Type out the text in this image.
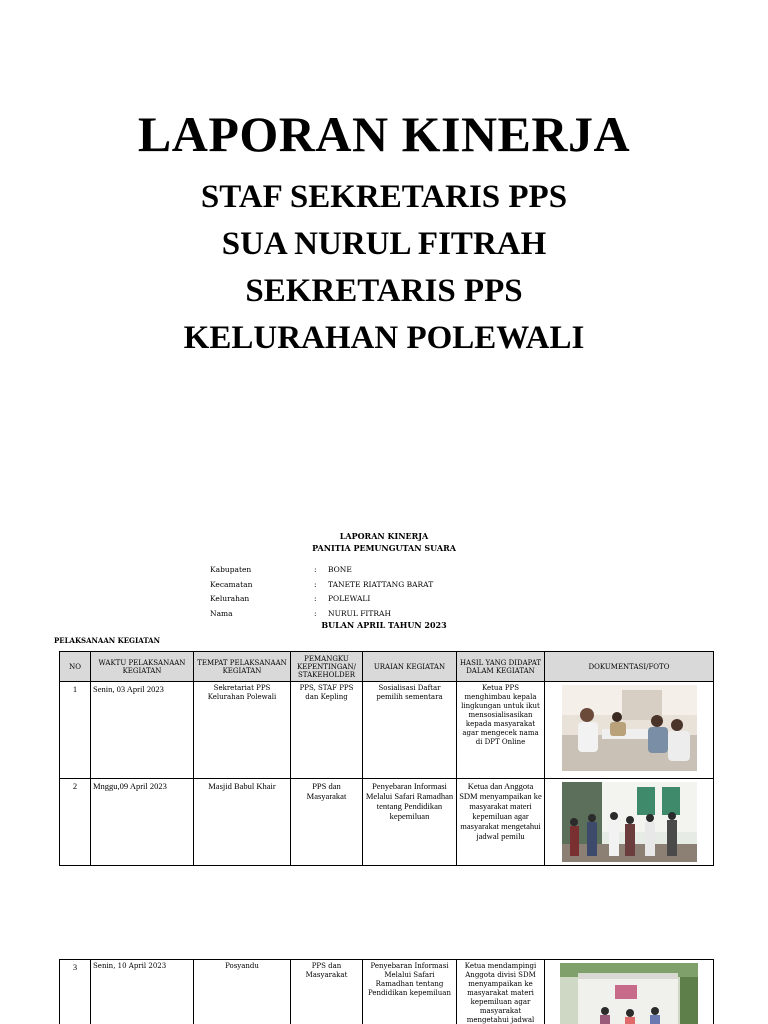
LAPORAN KINERJA
STAF SEKRETARIS PPS
SUA NURUL FITRAH
SEKRETARIS PPS
KELURAHAN POLEWALI
LAPORAN KINERJA
PANITIA PEMUNGUTAN SUARA
Kabupaten	:	BONE
Kecamatan	:	TANETE RIATTANG BARAT
Kelurahan	:	POLEWALI
Nama	:	NURUL FITRAH
BULAN APRIL TAHUN 2023
PELAKSANAAN KEGIATAN
NO	WAKTU PELAKSANAAN KEGIATAN	TEMPAT PELAKSANAAN KEGIATAN	PEMANGKU KEPENTINGAN/ STAKEHOLDER	URAIAN KEGIATAN	HASIL YANG DIDAPAT DALAM KEGIATAN	DOKUMENTASI/FOTO
1	Senin, 03 April 2023	Sekretariat PPS Kelurahan Polewali	PPS, STAF PPS dan Kepling	Sosialisasi Daftar pemilih sementara	Ketua PPS menghimbau kepala lingkungan untuk ikut mensosialisasikan kepada masyarakat agar mengecek nama di DPT Online	

2	Mnggu,09 April 2023	Masjid Babul Khair	PPS dan Masyarakat	Penyebaran Informasi Melalui Safari Ramadhan tentang Pendidikan kepemiluan	Ketua dan Anggota SDM menyampaikan ke masyarakat materi kepemiluan agar masyarakat mengetahui jadwal pemilu	
3	Senin, 10 April 2023	Posyandu	PPS dan Masyarakat	Penyebaran Informasi Melalui Safari Ramadhan tentang Pendidikan kepemiluan	Ketua mendampingi Anggota divisi SDM menyampaikan ke masyarakat materi kepemiluan agar masyarakat mengetahui jadwal	
